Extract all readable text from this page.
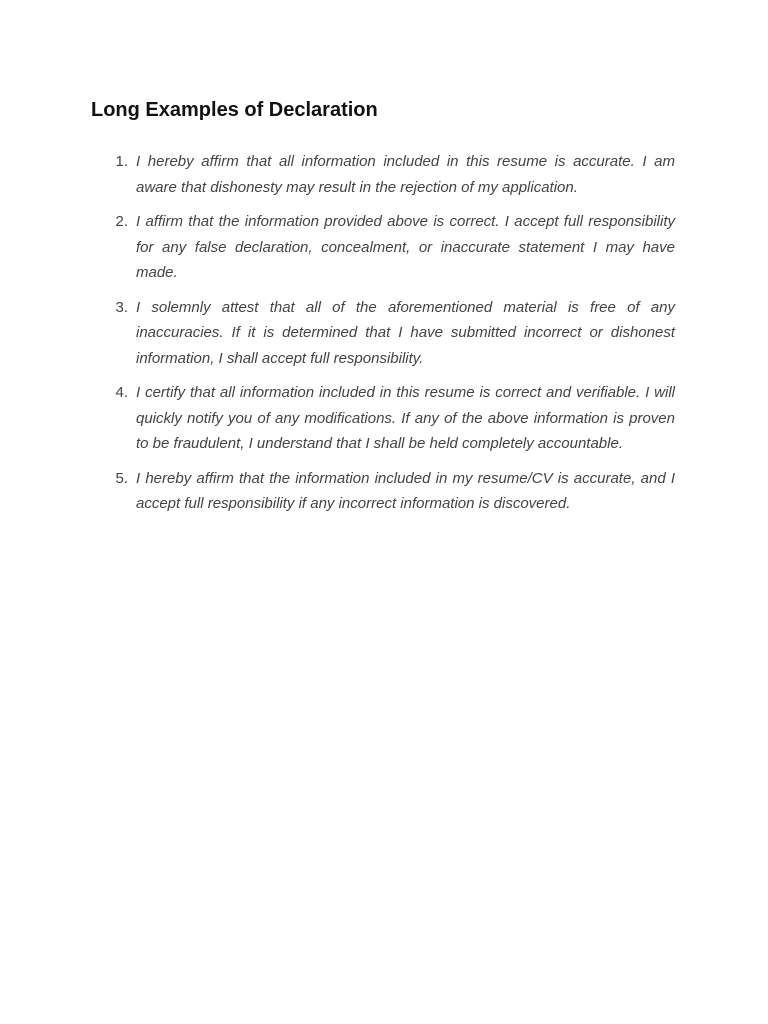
Long Examples of Declaration
1. I hereby affirm that all information included in this resume is accurate. I am aware that dishonesty may result in the rejection of my application.
2. I affirm that the information provided above is correct. I accept full responsibility for any false declaration, concealment, or inaccurate statement I may have made.
3. I solemnly attest that all of the aforementioned material is free of any inaccuracies. If it is determined that I have submitted incorrect or dishonest information, I shall accept full responsibility.
4. I certify that all information included in this resume is correct and verifiable. I will quickly notify you of any modifications. If any of the above information is proven to be fraudulent, I understand that I shall be held completely accountable.
5. I hereby affirm that the information included in my resume/CV is accurate, and I accept full responsibility if any incorrect information is discovered.
